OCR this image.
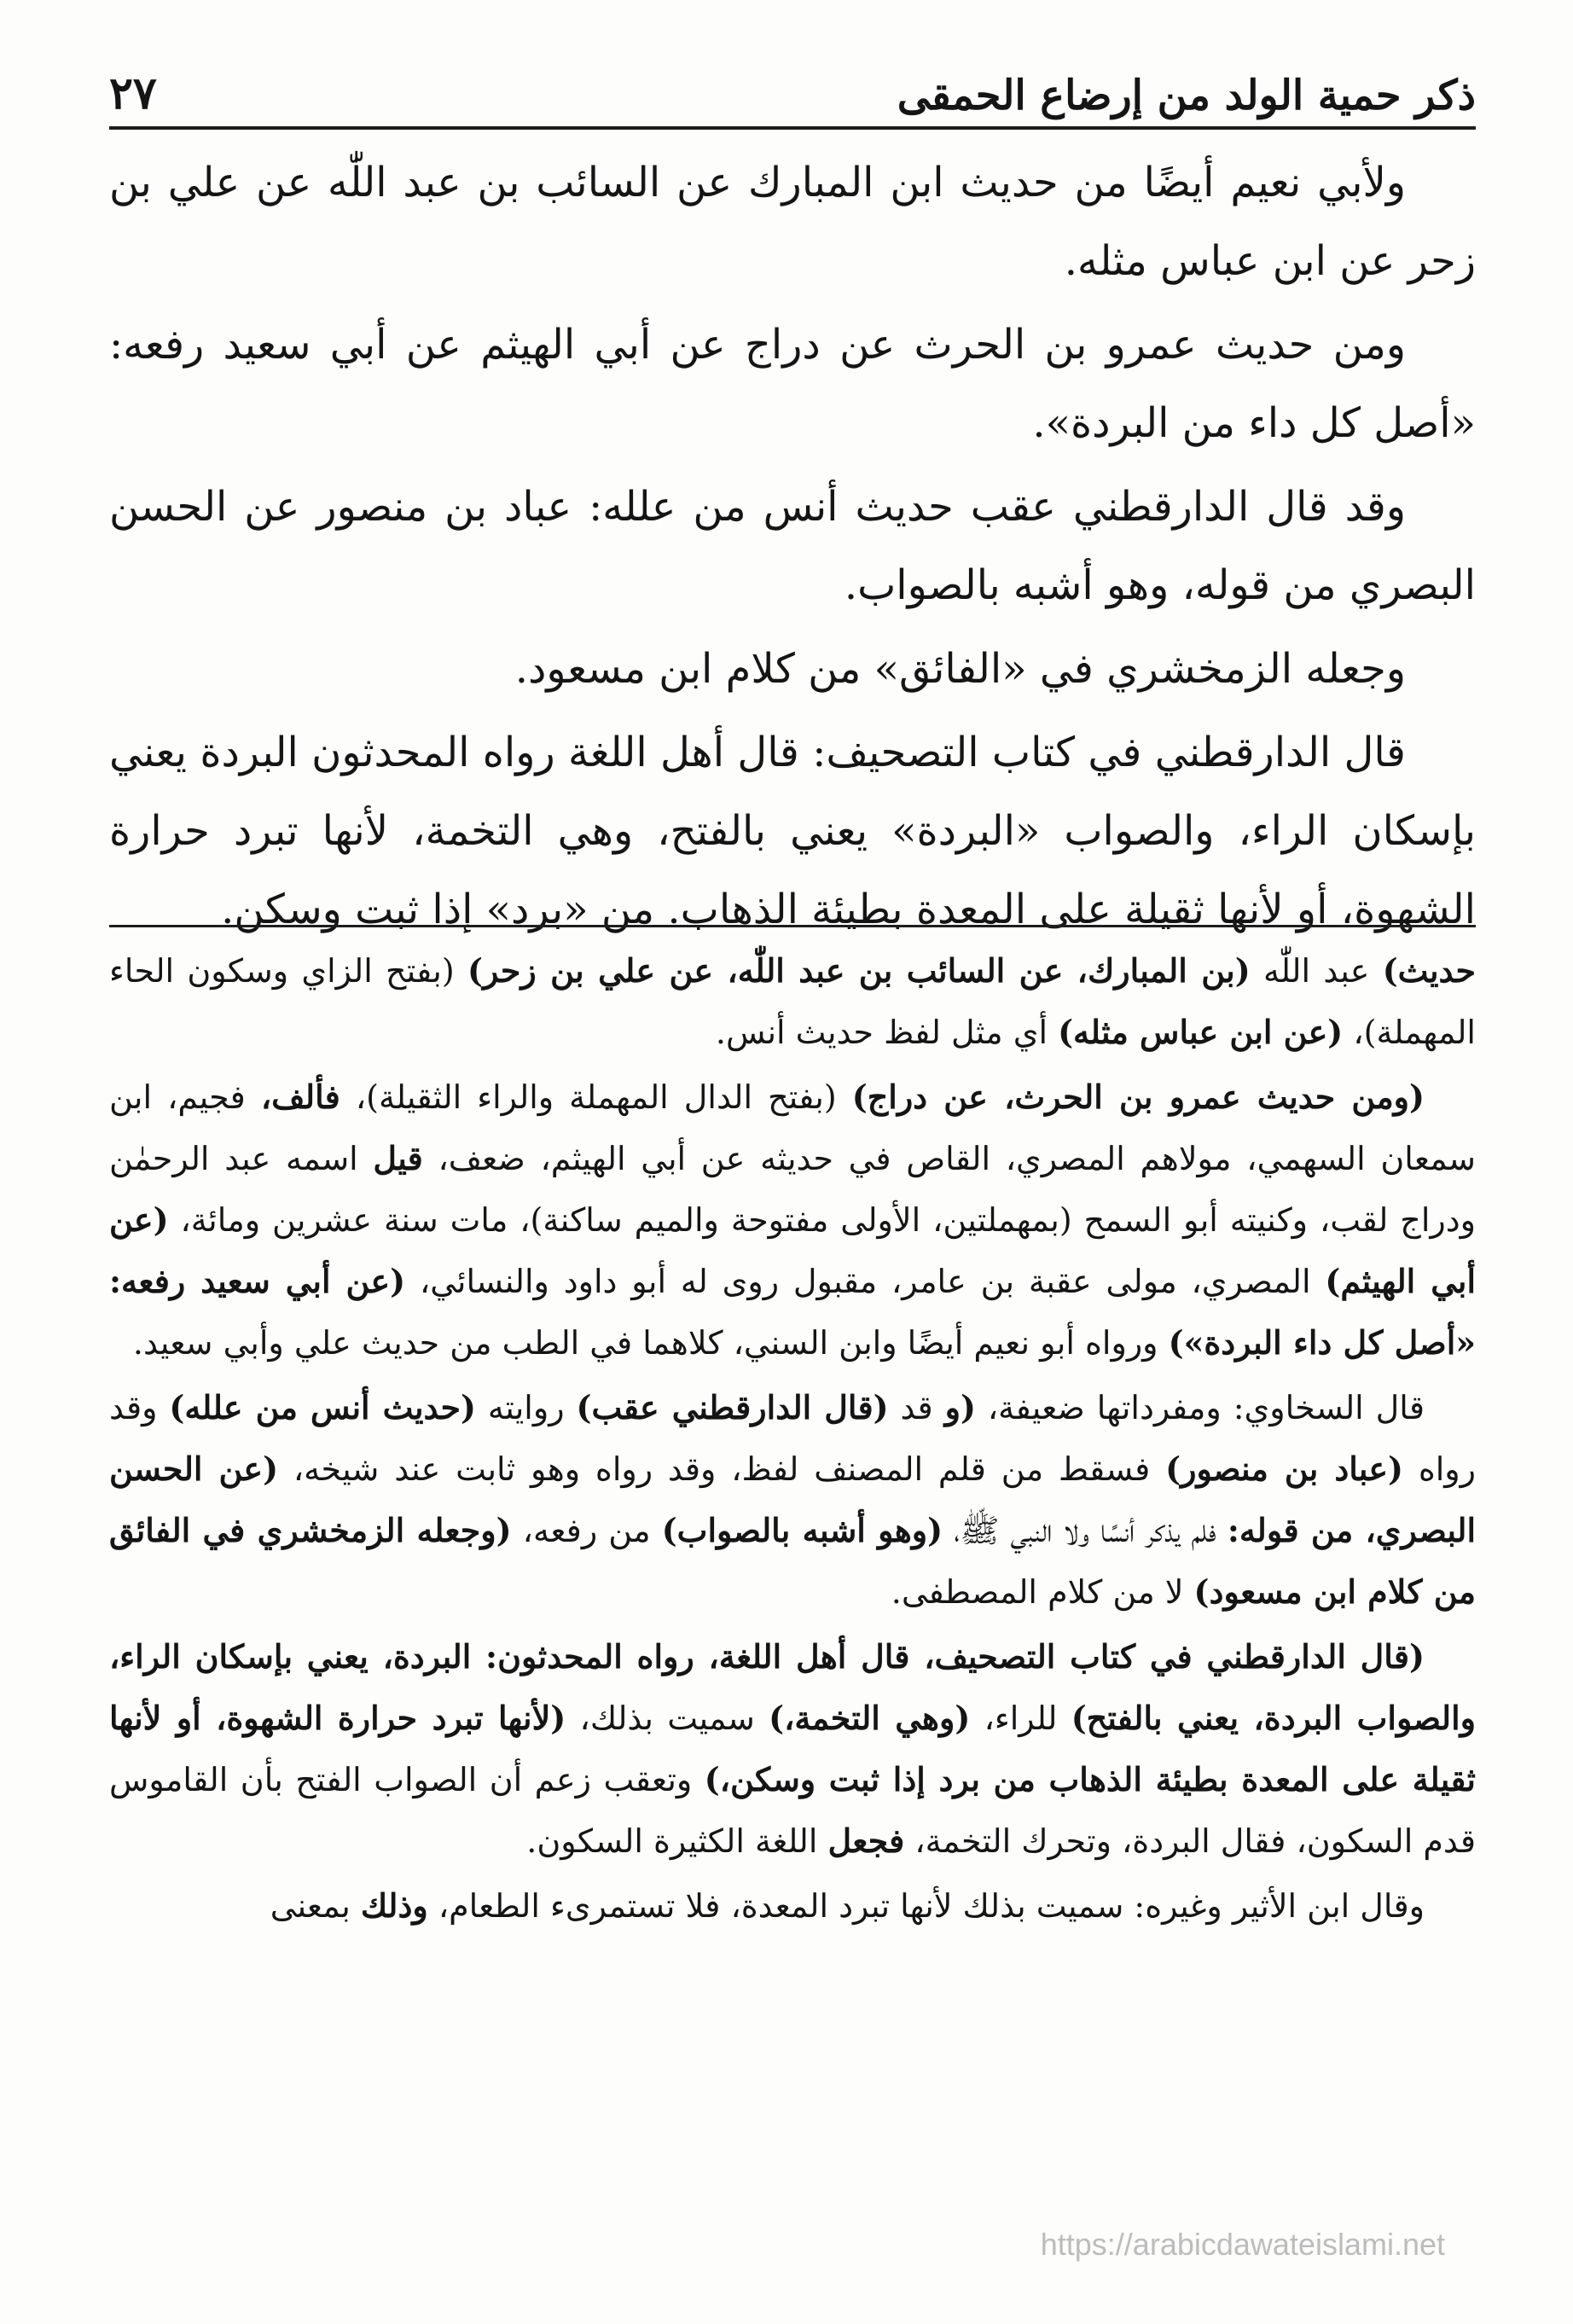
٢٧	ذكر حمية الولد من إرضاع الحمقى

ولأبي نعيم أيضًا من حديث ابن المبارك عن السائب بن عبد اللّٰه عن علي بن زحر عن ابن عباس مثله.

ومن حديث عمرو بن الحرث عن دراج عن أبي الهيثم عن أبي سعيد رفعه: «أصل كل داء من البردة».

وقد قال الدارقطني عقب حديث أنس من علله: عباد بن منصور عن الحسن البصري من قوله، وهو أشبه بالصواب.

وجعله الزمخشري في «الفائق» من كلام ابن مسعود.

قال الدارقطني في كتاب التصحيف: قال أهل اللغة رواه المحدثون البردة يعني بإسكان الراء، والصواب «البردة» يعني بالفتح، وهي التخمة، لأنها تبرد حرارة الشهوة، أو لأنها ثقيلة على المعدة بطيئة الذهاب. من «برد» إذا ثبت وسكن.

حديث) عبد اللّٰه (بن المبارك، عن السائب بن عبد اللّٰه، عن علي بن زحر) (بفتح الزاي وسكون الحاء المهملة)، (عن ابن عباس مثله) أي مثل لفظ حديث أنس.

(ومن حديث عمرو بن الحرث، عن دراج) (بفتح الدال المهملة والراء الثقيلة)، فألف، فجيم، ابن سمعان السهمي، مولاهم المصري، القاص في حديثه عن أبي الهيثم، ضعف، قيل اسمه عبد الرحمٰن ودراج لقب، وكنيته أبو السمح (بمهملتين، الأولى مفتوحة والميم ساكنة)، مات سنة عشرين ومائة، (عن أبي الهيثم) المصري، مولى عقبة بن عامر، مقبول روى له أبو داود والنسائي، (عن أبي سعيد رفعه: «أصل كل داء البردة») ورواه أبو نعيم أيضًا وابن السني، كلاهما في الطب من حديث علي وأبي سعيد.

قال السخاوي: ومفرداتها ضعيفة، (و قد (قال الدارقطني عقب) روايته (حديث أنس من علله) وقد رواه (عباد بن منصور) فسقط من قلم المصنف لفظ، وقد رواه وهو ثابت عند شيخه، (عن الحسن البصري، من قوله: فلم يذكر أنسًا ولا النبي ﷺ، (وهو أشبه بالصواب) من رفعه، (وجعله الزمخشري في الفائق من كلام ابن مسعود) لا من كلام المصطفى.

(قال الدارقطني في كتاب التصحيف، قال أهل اللغة، رواه المحدثون: البردة، يعني بإسكان الراء، والصواب البردة، يعني بالفتح) للراء، (وهي التخمة،) سميت بذلك، (لأنها تبرد حرارة الشهوة، أو لأنها ثقيلة على المعدة بطيئة الذهاب من برد إذا ثبت وسكن،) وتعقب زعم أن الصواب الفتح بأن القاموس قدم السكون، فقال البردة، وتحرك التخمة، فجعل اللغة الكثيرة السكون.

وقال ابن الأثير وغيره: سميت بذلك لأنها تبرد المعدة، فلا تستمرىء الطعام، وذلك بمعنى

https://arabicdawateislami.net
